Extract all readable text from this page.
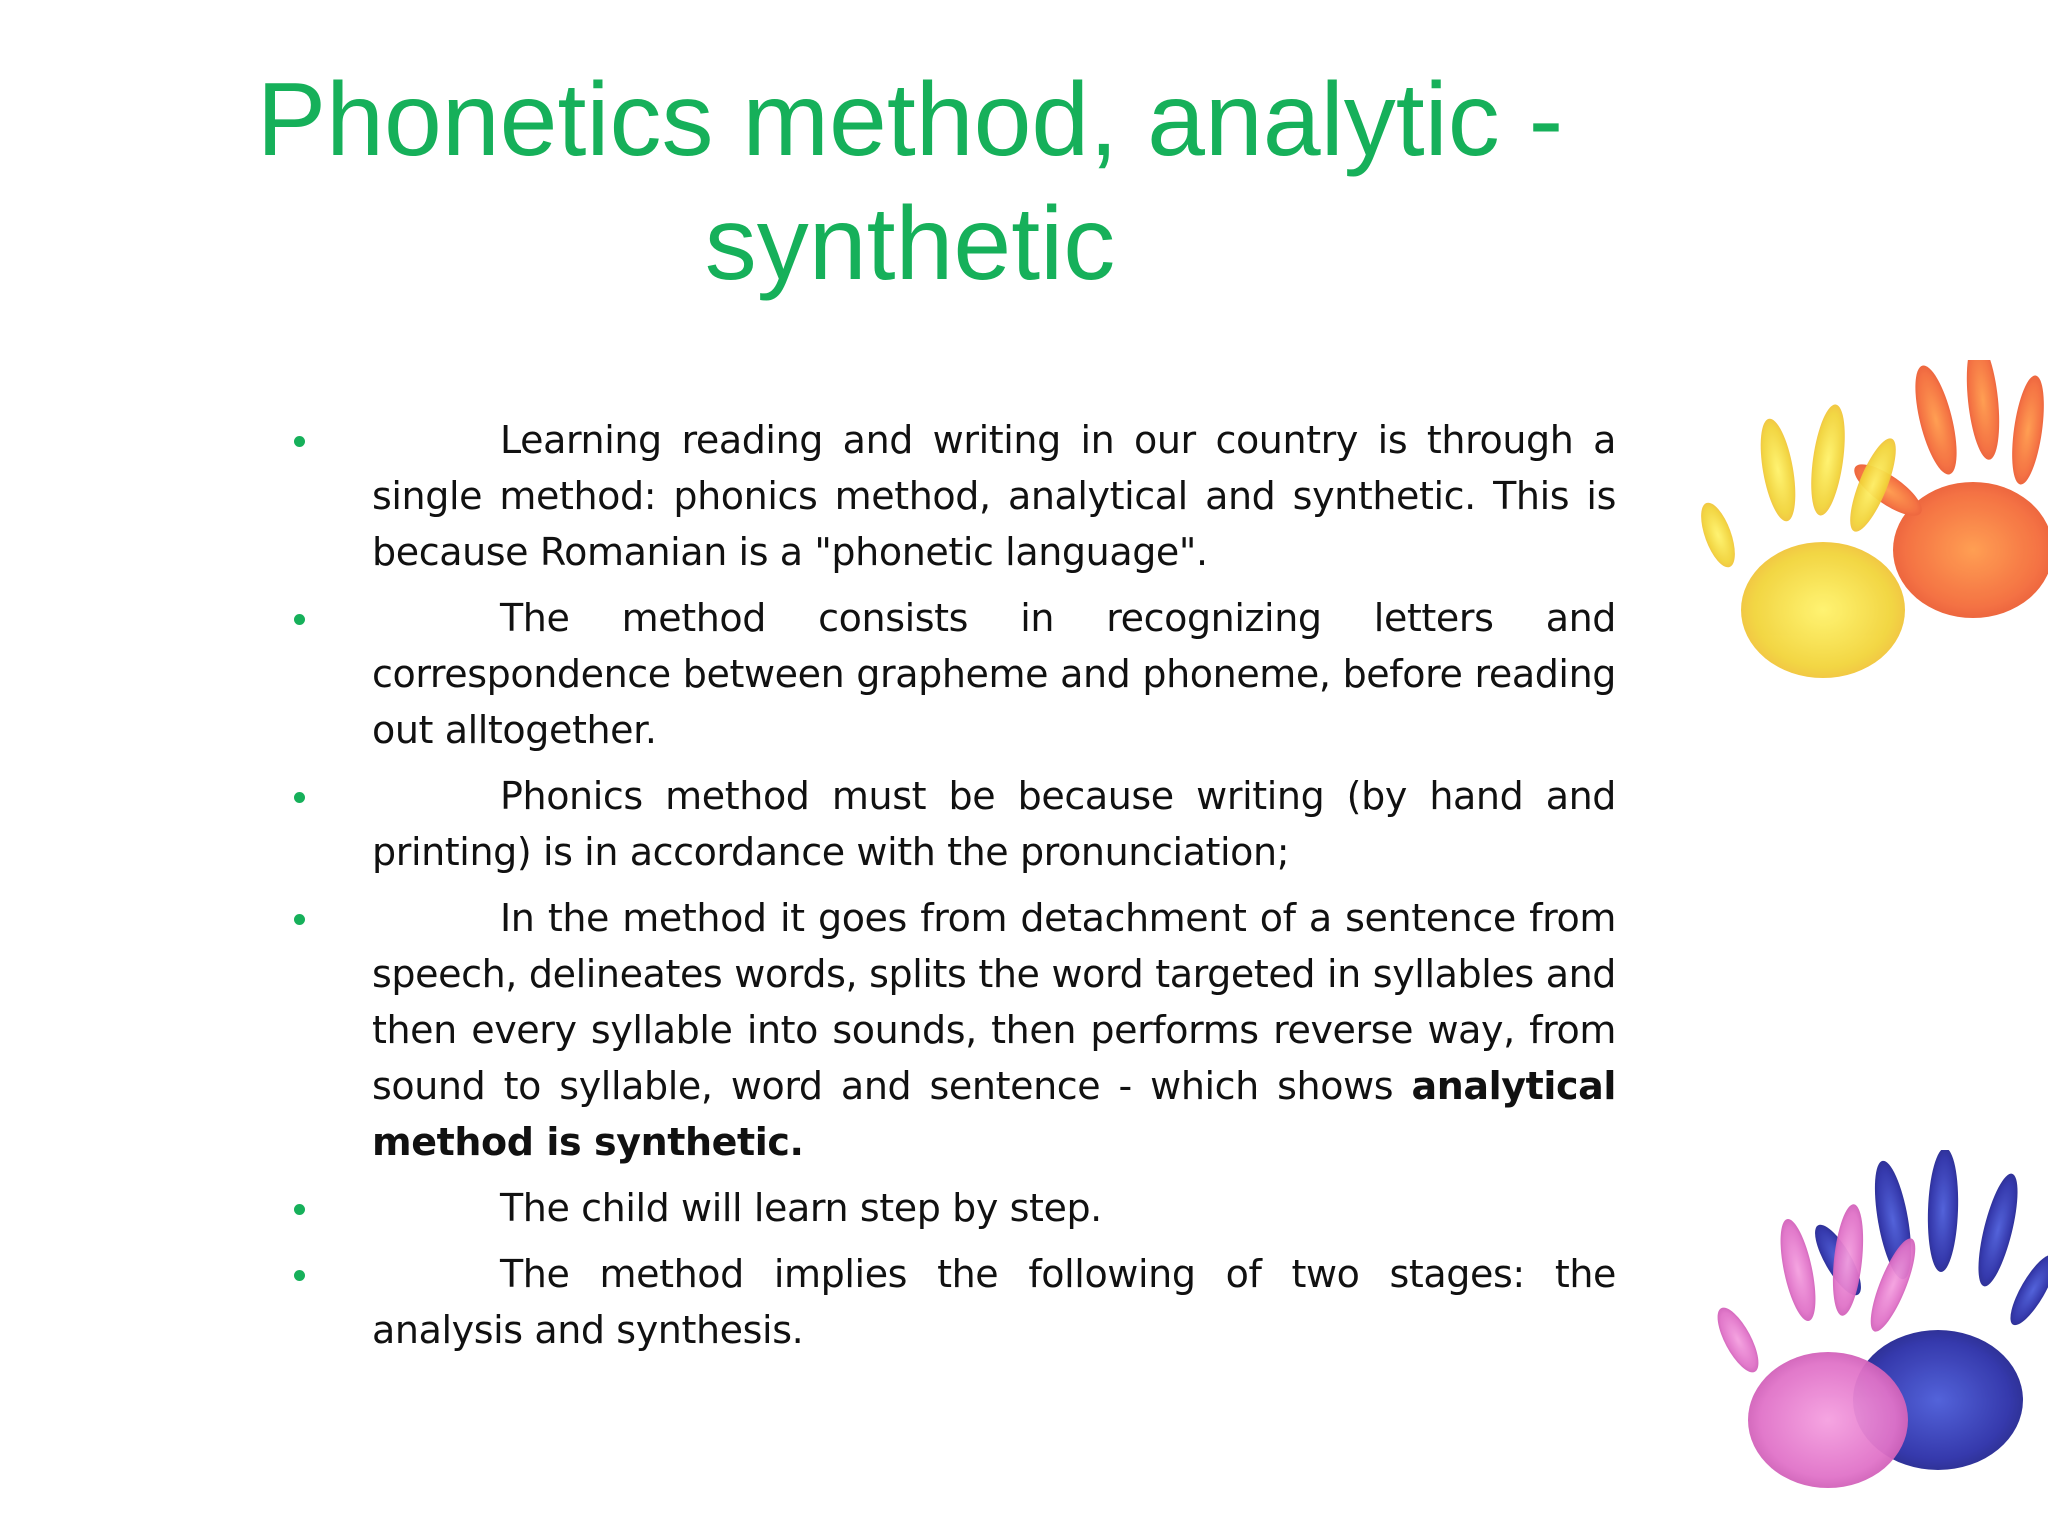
Phonetics method, analytic -
synthetic
Learning reading and writing in our country is through a single method: phonics method, analytical and synthetic. This is because Romanian is a "phonetic language".
The method consists in recognizing letters and correspondence between grapheme and phoneme, before reading out alltogether.
Phonics method must be because writing (by hand and printing) is in accordance with the pronunciation;
In the method it goes from detachment of a sentence from speech, delineates words, splits the word targeted in syllables and then every syllable into sounds, then performs reverse way, from sound to syllable, word and sentence - which shows analytical method is synthetic.
The child will learn step by step.
The method implies the following of two stages: the analysis and synthesis.
